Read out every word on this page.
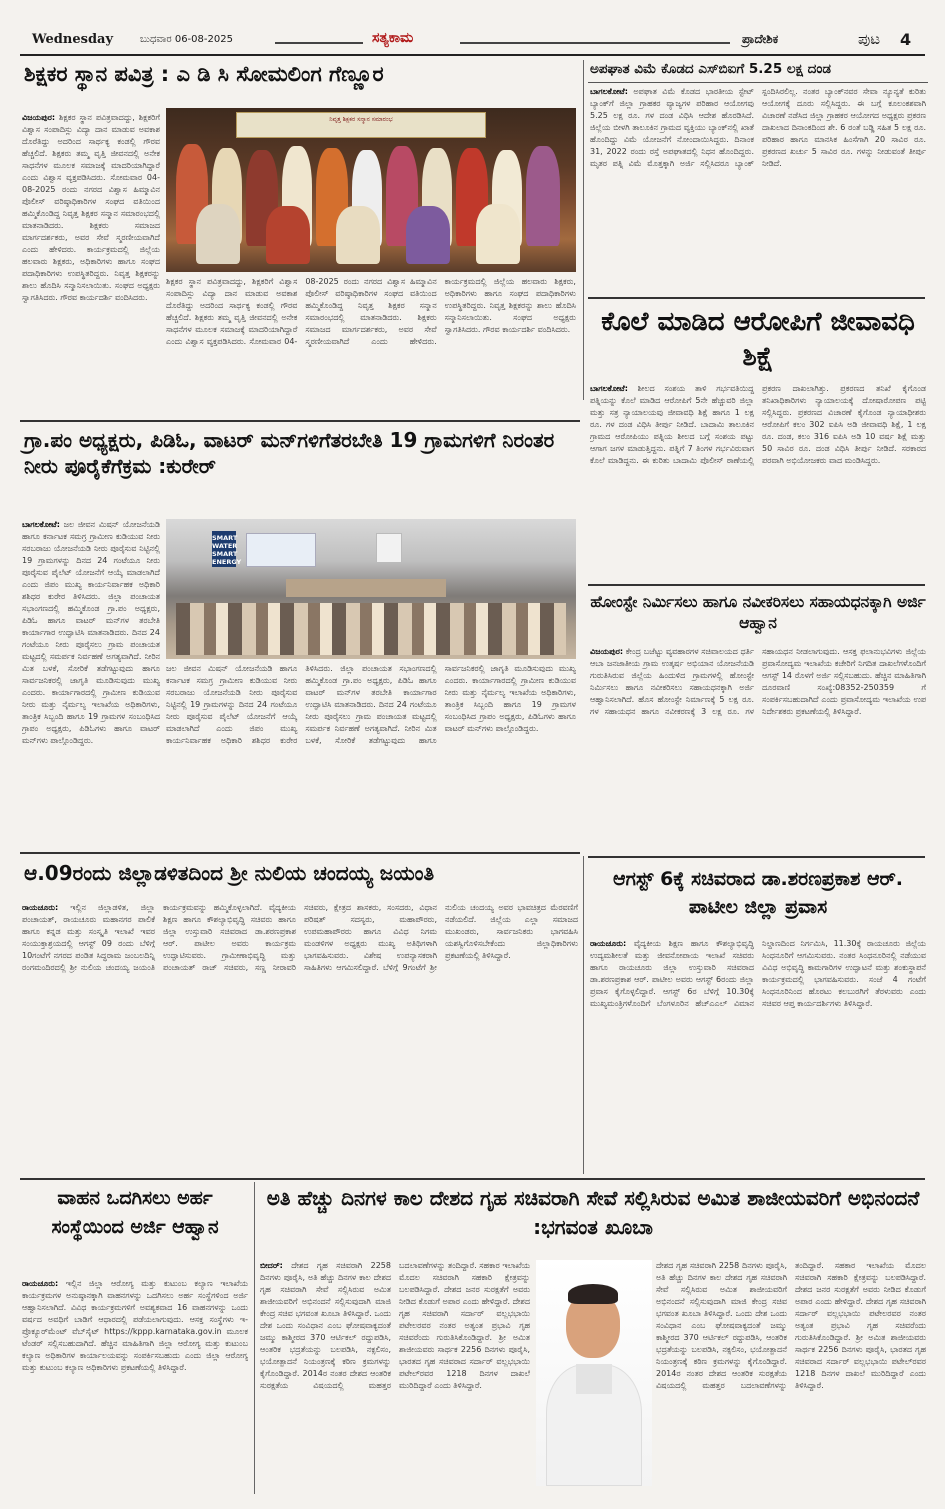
Wednesday	ಬುಧವಾರ 06-08-2025	ಸತ್ಯಕಾಮ	ಪ್ರಾದೇಶಿಕ	ಪುಟ 4
ಶಿಕ್ಷಕರ ಸ್ಥಾನ ಪವಿತ್ರ : ಎ ಡಿ ಸಿ ಸೋಮಲಿಂಗ ಗೆಣ್ಣೂರ
ನಿವೃತ್ತ ಶಿಕ್ಷಕರ ಸನ್ಮಾನ ಸಮಾರಂಭ
ವಿಜಯಪುರ: ಶಿಕ್ಷಕರ ಸ್ಥಾನ ಪವಿತ್ರವಾದದ್ದು, ಶಿಕ್ಷಕರಿಗೆ ವಿಶ್ವಾಸ ಸಂಪಾದಿಸ್ಲು ವಿದ್ಯಾ ದಾನ ಮಾಡುವ ಅವಕಾಶ ದೊರೆತಿದ್ದು ಅದರಿಂದ ಸಾರ್ಥಕ್ಯ ಕಂಡಲ್ಲಿ ಗೌರವ ಹೆಚ್ಚಲಿದೆ. ಶಿಕ್ಷಕರು ತಮ್ಮ ವೃತ್ತಿ ಜೀವನದಲ್ಲಿ ಅನೇಕ ಸಾಧನೆಗಳ ಮೂಲಕ ಸಮಾಜಕ್ಕೆ ಮಾದರಿಯಾಗಿದ್ದಾರೆ ಎಂದು ವಿಶ್ವಾಸ ವ್ಯಕ್ತಪಡಿಸಿದರು. ಸೋಮವಾರ 04-08-2025 ರಂದು ನಗರದ ವಿಶ್ವಾಸ ಹಿಮ್ಮಾವಿನ ಪೊಲೀಸ್ ವರಿಷ್ಠಾಧಿಕಾರಿಗಳ ಸಂಘದ ವತಿಯಿಂದ ಹಮ್ಮಿಕೊಂಡಿದ್ದ ನಿವೃತ್ತ ಶಿಕ್ಷಕರ ಸನ್ಮಾನ ಸಮಾರಂಭದಲ್ಲಿ ಮಾತನಾಡಿದರು. ಶಿಕ್ಷಕರು ಸಮಾಜದ ಮಾರ್ಗದರ್ಶಕರು, ಅವರ ಸೇವೆ ಸ್ಮರಣೀಯವಾಗಿದೆ ಎಂದು ಹೇಳಿದರು. ಕಾರ್ಯಕ್ರಮದಲ್ಲಿ ಜಿಲ್ಲೆಯ ಹಲವಾರು ಶಿಕ್ಷಕರು, ಅಧಿಕಾರಿಗಳು ಹಾಗೂ ಸಂಘದ ಪದಾಧಿಕಾರಿಗಳು ಉಪಸ್ಥಿತರಿದ್ದರು. ನಿವೃತ್ತ ಶಿಕ್ಷಕರನ್ನು ಶಾಲು ಹೊದಿಸಿ ಸನ್ಮಾನಿಸಲಾಯಿತು. ಸಂಘದ ಅಧ್ಯಕ್ಷರು ಸ್ವಾಗತಿಸಿದರು. ಗೌರವ ಕಾರ್ಯದರ್ಶಿ ವಂದಿಸಿದರು.
ಶಿಕ್ಷಕರ ಸ್ಥಾನ ಪವಿತ್ರವಾದದ್ದು, ಶಿಕ್ಷಕರಿಗೆ ವಿಶ್ವಾಸ ಸಂಪಾದಿಸ್ಲು ವಿದ್ಯಾ ದಾನ ಮಾಡುವ ಅವಕಾಶ ದೊರೆತಿದ್ದು ಅದರಿಂದ ಸಾರ್ಥಕ್ಯ ಕಂಡಲ್ಲಿ ಗೌರವ ಹೆಚ್ಚಲಿದೆ. ಶಿಕ್ಷಕರು ತಮ್ಮ ವೃತ್ತಿ ಜೀವನದಲ್ಲಿ ಅನೇಕ ಸಾಧನೆಗಳ ಮೂಲಕ ಸಮಾಜಕ್ಕೆ ಮಾದರಿಯಾಗಿದ್ದಾರೆ ಎಂದು ವಿಶ್ವಾಸ ವ್ಯಕ್ತಪಡಿಸಿದರು. ಸೋಮವಾರ 04-08-2025 ರಂದು ನಗರದ ವಿಶ್ವಾಸ ಹಿಮ್ಮಾವಿನ ಪೊಲೀಸ್ ವರಿಷ್ಠಾಧಿಕಾರಿಗಳ ಸಂಘದ ವತಿಯಿಂದ ಹಮ್ಮಿಕೊಂಡಿದ್ದ ನಿವೃತ್ತ ಶಿಕ್ಷಕರ ಸನ್ಮಾನ ಸಮಾರಂಭದಲ್ಲಿ ಮಾತನಾಡಿದರು. ಶಿಕ್ಷಕರು ಸಮಾಜದ ಮಾರ್ಗದರ್ಶಕರು, ಅವರ ಸೇವೆ ಸ್ಮರಣೀಯವಾಗಿದೆ ಎಂದು ಹೇಳಿದರು. ಕಾರ್ಯಕ್ರಮದಲ್ಲಿ ಜಿಲ್ಲೆಯ ಹಲವಾರು ಶಿಕ್ಷಕರು, ಅಧಿಕಾರಿಗಳು ಹಾಗೂ ಸಂಘದ ಪದಾಧಿಕಾರಿಗಳು ಉಪಸ್ಥಿತರಿದ್ದರು. ನಿವೃತ್ತ ಶಿಕ್ಷಕರನ್ನು ಶಾಲು ಹೊದಿಸಿ ಸನ್ಮಾನಿಸಲಾಯಿತು. ಸಂಘದ ಅಧ್ಯಕ್ಷರು ಸ್ವಾಗತಿಸಿದರು. ಗೌರವ ಕಾರ್ಯದರ್ಶಿ ವಂದಿಸಿದರು.
ಅಪಘಾತ ವಿಮೆ ಕೊಡದ ಎಸ್‌ಬಿಐಗೆ 5.25 ಲಕ್ಷ ದಂಡ
ಬಾಗಲಕೋಟೆ: ಅಪಘಾತ ವಿಮೆ ಕೊಡದ ಭಾರತೀಯ ಸ್ಟೇಟ್ ಬ್ಯಾಂಕ್‌ಗೆ ಜಿಲ್ಲಾ ಗ್ರಾಹಕರ ವ್ಯಾಜ್ಯಗಳ ಪರಿಹಾರ ಆಯೋಗವು 5.25 ಲಕ್ಷ ರೂ. ಗಳ ದಂಡ ವಿಧಿಸಿ ಆದೇಶ ಹೊರಡಿಸಿದೆ. ಜಿಲ್ಲೆಯ ಬೀಳಗಿ ತಾಲೂಕಿನ ಗ್ರಾಮದ ವ್ಯಕ್ತಿಯು ಬ್ಯಾಂಕ್‌ನಲ್ಲಿ ಖಾತೆ ಹೊಂದಿದ್ದು ವಿಮೆ ಯೋಜನೆಗೆ ನೋಂದಾಯಿಸಿದ್ದರು. ದಿನಾಂಕ 31, 2022 ರಂದು ರಸ್ತೆ ಅಪಘಾತದಲ್ಲಿ ನಿಧನ ಹೊಂದಿದ್ದರು. ಮೃತರ ಪತ್ನಿ ವಿಮೆ ಮೊತ್ತಕ್ಕಾಗಿ ಅರ್ಜಿ ಸಲ್ಲಿಸಿದರೂ ಬ್ಯಾಂಕ್ ಸ್ಪಂದಿಸಿರಲಿಲ್ಲ. ನಂತರ ಬ್ಯಾಂಕ್‌ನವರ ಸೇವಾ ನ್ಯೂನ್ಯತೆ ಕುರಿತು ಆಯೋಗಕ್ಕೆ ದೂರು ಸಲ್ಲಿಸಿದ್ದರು. ಈ ಬಗ್ಗೆ ಕೂಲಂಕಶವಾಗಿ ವಿಚಾರಣೆ ನಡೆಸಿದ ಜಿಲ್ಲಾ ಗ್ರಾಹಕರ ಆಯೋಗದ ಅಧ್ಯಕ್ಷರು ಪ್ರಕರಣ ದಾಖಲಾದ ದಿನಾಂಕದಿಂದ ಶೇ. 6 ರಂತೆ ಬಡ್ಡಿ ಸಹಿತ 5 ಲಕ್ಷ ರೂ. ಪರಿಹಾರ ಹಾಗೂ ಮಾನಸಿಕ ಹಿಂಸೆಗಾಗಿ 20 ಸಾವಿರ ರೂ. ಪ್ರಕರಣದ ಖರ್ಚು 5 ಸಾವಿರ ರೂ. ಗಳನ್ನು ನೀಡುವಂತೆ ತೀರ್ಪು ನೀಡಿದೆ.
ಕೊಲೆ ಮಾಡಿದ ಆರೋಪಿಗೆ ಜೀವಾವಧಿ ಶಿಕ್ಷೆ
ಬಾಗಲಕೋಟೆ: ಶೀಲದ ಸಂಶಯ ತಾಳಿ ಗರ್ಭವತಿಯಿದ್ದ ಪತ್ನಿಯನ್ನು ಕೊಲೆ ಮಾಡಿದ ಆರೋಪಿಗೆ 5ನೇ ಹೆಚ್ಚುವರಿ ಜಿಲ್ಲಾ ಮತ್ತು ಸತ್ರ ನ್ಯಾಯಾಲಯವು ಜೀವಾವಧಿ ಶಿಕ್ಷೆ ಹಾಗೂ 1 ಲಕ್ಷ ರೂ. ಗಳ ದಂಡ ವಿಧಿಸಿ ತೀರ್ಪು ನೀಡಿದೆ. ಬಾದಾಮಿ ತಾಲೂಕಿನ ಗ್ರಾಮದ ಆರೋಪಿಯು ಪತ್ನಿಯ ಶೀಲದ ಬಗ್ಗೆ ಸಂಶಯ ಪಟ್ಟು ಆಗಾಗ ಜಗಳ ಮಾಡುತ್ತಿದ್ದನು. ಪತ್ನಿಗೆ 7 ತಿಂಗಳ ಗರ್ಭವಿರುವಾಗ ಕೊಲೆ ಮಾಡಿದ್ದನು. ಈ ಕುರಿತು ಬಾದಾಮಿ ಪೊಲೀಸ್ ಠಾಣೆಯಲ್ಲಿ ಪ್ರಕರಣ ದಾಖಲಾಗಿತ್ತು. ಪ್ರಕರಣದ ತನಿಖೆ ಕೈಗೊಂಡ ತನಿಖಾಧಿಕಾರಿಗಳು ನ್ಯಾಯಾಲಯಕ್ಕೆ ದೋಷಾರೋಪಣ ಪಟ್ಟಿ ಸಲ್ಲಿಸಿದ್ದರು. ಪ್ರಕರಣದ ವಿಚಾರಣೆ ಕೈಗೊಂಡ ನ್ಯಾಯಾಧೀಶರು ಆರೋಪಿಗೆ ಕಲಂ 302 ಐಪಿಸಿ ಅಡಿ ಜೀವಾವಧಿ ಶಿಕ್ಷೆ, 1 ಲಕ್ಷ ರೂ. ದಂಡ, ಕಲಂ 316 ಐಪಿಸಿ ಅಡಿ 10 ವರ್ಷ ಶಿಕ್ಷೆ ಮತ್ತು 50 ಸಾವಿರ ರೂ. ದಂಡ ವಿಧಿಸಿ ತೀರ್ಪು ನೀಡಿದೆ. ಸರಕಾರದ ಪರವಾಗಿ ಅಭಿಯೋಜಕರು ವಾದ ಮಂಡಿಸಿದ್ದರು.
ಗ್ರಾ.ಪಂ ಅಧ್ಯಕ್ಷರು, ಪಿಡಿಓ, ವಾಟರ್ ಮನ್‌ಗಳಿಗೆತರಬೇತಿ 19 ಗ್ರಾಮಗಳಿಗೆ ನಿರಂತರ ನೀರು ಪೂರೈಕೆಗೆಕ್ರಮ :ಕುರೇರ್
SMART WATER SMART ENERGY
ಬಾಗಲಕೋಟೆ: ಜಲ ಜೀವನ ಮಿಷನ್ ಯೋಜನೆಯಡಿ ಹಾಗೂ ಕರ್ನಾಟಕ ಸಮಗ್ರ ಗ್ರಾಮೀಣ ಕುಡಿಯುವ ನೀರು ಸರಬರಾಜು ಯೋಜನೆಯಡಿ ನೀರು ಪೂರೈಸುವ ನಿಟ್ಟಿನಲ್ಲಿ 19 ಗ್ರಾಮಗಳನ್ನು ದಿನದ 24 ಗಂಟೆಯೂ ನೀರು ಪೂರೈಸುವ ಪೈಲೆಟ್ ಯೋಜನೆಗೆ ಆಯ್ಕೆ ಮಾಡಲಾಗಿದೆ ಎಂದು ಜಿಪಂ ಮುಖ್ಯ ಕಾರ್ಯನಿರ್ವಾಹಕ ಅಧಿಕಾರಿ ಶಶಿಧರ ಕುರೇರ ತಿಳಿಸಿದರು. ಜಿಲ್ಲಾ ಪಂಚಾಯತ ಸಭಾಂಗಣದಲ್ಲಿ ಹಮ್ಮಿಕೊಂಡ ಗ್ರಾ.ಪಂ ಅಧ್ಯಕ್ಷರು, ಪಿಡಿಓ ಹಾಗೂ ವಾಟರ್ ಮನ್‌ಗಳ ತರಬೇತಿ ಕಾರ್ಯಾಗಾರ ಉದ್ಘಾಟಿಸಿ ಮಾತನಾಡಿದರು. ದಿನದ 24 ಗಂಟೆಯೂ ನೀರು ಪೂರೈಸಲು ಗ್ರಾಮ ಪಂಚಾಯತ ಮಟ್ಟದಲ್ಲಿ ಸಮರ್ಪಕ ನಿರ್ವಹಣೆ ಅಗತ್ಯವಾಗಿದೆ. ನೀರಿನ ಮಿತ ಬಳಕೆ, ಸೋರಿಕೆ ತಡೆಗಟ್ಟುವುದು ಹಾಗೂ ಸಾರ್ವಜನಿಕರಲ್ಲಿ ಜಾಗೃತಿ ಮೂಡಿಸುವುದು ಮುಖ್ಯ ಎಂದರು. ಕಾರ್ಯಾಗಾರದಲ್ಲಿ ಗ್ರಾಮೀಣ ಕುಡಿಯುವ ನೀರು ಮತ್ತು ನೈರ್ಮಲ್ಯ ಇಲಾಖೆಯ ಅಧಿಕಾರಿಗಳು, ತಾಂತ್ರಿಕ ಸಿಬ್ಬಂದಿ ಹಾಗೂ 19 ಗ್ರಾಮಗಳ ಸಂಬಂಧಿಸಿದ ಗ್ರಾಪಂ ಅಧ್ಯಕ್ಷರು, ಪಿಡಿಓಗಳು ಹಾಗೂ ವಾಟರ್ ಮನ್‌ಗಳು ಪಾಲ್ಗೊಂಡಿದ್ದರು.
ಜಲ ಜೀವನ ಮಿಷನ್ ಯೋಜನೆಯಡಿ ಹಾಗೂ ಕರ್ನಾಟಕ ಸಮಗ್ರ ಗ್ರಾಮೀಣ ಕುಡಿಯುವ ನೀರು ಸರಬರಾಜು ಯೋಜನೆಯಡಿ ನೀರು ಪೂರೈಸುವ ನಿಟ್ಟಿನಲ್ಲಿ 19 ಗ್ರಾಮಗಳನ್ನು ದಿನದ 24 ಗಂಟೆಯೂ ನೀರು ಪೂರೈಸುವ ಪೈಲೆಟ್ ಯೋಜನೆಗೆ ಆಯ್ಕೆ ಮಾಡಲಾಗಿದೆ ಎಂದು ಜಿಪಂ ಮುಖ್ಯ ಕಾರ್ಯನಿರ್ವಾಹಕ ಅಧಿಕಾರಿ ಶಶಿಧರ ಕುರೇರ ತಿಳಿಸಿದರು. ಜಿಲ್ಲಾ ಪಂಚಾಯತ ಸಭಾಂಗಣದಲ್ಲಿ ಹಮ್ಮಿಕೊಂಡ ಗ್ರಾ.ಪಂ ಅಧ್ಯಕ್ಷರು, ಪಿಡಿಓ ಹಾಗೂ ವಾಟರ್ ಮನ್‌ಗಳ ತರಬೇತಿ ಕಾರ್ಯಾಗಾರ ಉದ್ಘಾಟಿಸಿ ಮಾತನಾಡಿದರು. ದಿನದ 24 ಗಂಟೆಯೂ ನೀರು ಪೂರೈಸಲು ಗ್ರಾಮ ಪಂಚಾಯತ ಮಟ್ಟದಲ್ಲಿ ಸಮರ್ಪಕ ನಿರ್ವಹಣೆ ಅಗತ್ಯವಾಗಿದೆ. ನೀರಿನ ಮಿತ ಬಳಕೆ, ಸೋರಿಕೆ ತಡೆಗಟ್ಟುವುದು ಹಾಗೂ ಸಾರ್ವಜನಿಕರಲ್ಲಿ ಜಾಗೃತಿ ಮೂಡಿಸುವುದು ಮುಖ್ಯ ಎಂದರು. ಕಾರ್ಯಾಗಾರದಲ್ಲಿ ಗ್ರಾಮೀಣ ಕುಡಿಯುವ ನೀರು ಮತ್ತು ನೈರ್ಮಲ್ಯ ಇಲಾಖೆಯ ಅಧಿಕಾರಿಗಳು, ತಾಂತ್ರಿಕ ಸಿಬ್ಬಂದಿ ಹಾಗೂ 19 ಗ್ರಾಮಗಳ ಸಂಬಂಧಿಸಿದ ಗ್ರಾಪಂ ಅಧ್ಯಕ್ಷರು, ಪಿಡಿಓಗಳು ಹಾಗೂ ವಾಟರ್ ಮನ್‌ಗಳು ಪಾಲ್ಗೊಂಡಿದ್ದರು.
ಹೋಂಸ್ಟೇ ನಿರ್ಮಿಸಲು ಹಾಗೂ ನವೀಕರಿಸಲು ಸಹಾಯಧನಕ್ಕಾಗಿ ಅರ್ಜಿ ಆಹ್ವಾನ
ವಿಜಯಪುರ: ಕೇಂದ್ರ ಬಜೆಟ್ಟು ವ್ಯವಹಾರಗಳ ಸಚಿವಾಲಯದ ಧರ್ತಿ ಆಬಾ ಜನಜಾತೀಯ ಗ್ರಾಮ ಉತ್ಕರ್ಷ ಅಭಿಯಾನ ಯೋಜನೆಯಡಿ ಗುರುತಿಸಿರುವ ಜಿಲ್ಲೆಯ ಹಿಂದುಳಿದ ಗ್ರಾಮಗಳಲ್ಲಿ ಹೋಂಸ್ಟೇ ನಿರ್ಮಿಸಲು ಹಾಗೂ ನವೀಕರಿಸಲು ಸಹಾಯಧನಕ್ಕಾಗಿ ಅರ್ಜಿ ಆಹ್ವಾನಿಸಲಾಗಿದೆ. ಹೊಸ ಹೋಂಸ್ಟೇ ನಿರ್ಮಾಣಕ್ಕೆ 5 ಲಕ್ಷ ರೂ. ಗಳ ಸಹಾಯಧನ ಹಾಗೂ ನವೀಕರಣಕ್ಕೆ 3 ಲಕ್ಷ ರೂ. ಗಳ ಸಹಾಯಧನ ನೀಡಲಾಗುವುದು. ಆಸಕ್ತ ಫಲಾನುಭವಿಗಳು ಜಿಲ್ಲೆಯ ಪ್ರವಾಸೋದ್ಯಮ ಇಲಾಖೆಯ ಕಚೇರಿಗೆ ನಿಗದಿತ ದಾಖಲೆಗಳೊಂದಿಗೆ ಆಗಸ್ಟ್ 14 ರೊಳಗೆ ಅರ್ಜಿ ಸಲ್ಲಿಸಬಹುದು. ಹೆಚ್ಚಿನ ಮಾಹಿತಿಗಾಗಿ ದೂರವಾಣಿ ಸಂಖ್ಯೆ:08352-250359 ಗೆ ಸಂಪರ್ಕಿಸಬಹುದಾಗಿದೆ ಎಂದು ಪ್ರವಾಸೋದ್ಯಮ ಇಲಾಖೆಯ ಉಪ ನಿರ್ದೇಶಕರು ಪ್ರಕಟಣೆಯಲ್ಲಿ ತಿಳಿಸಿದ್ದಾರೆ.
ಆ.09ರಂದು ಜಿಲ್ಲಾಡಳಿತದಿಂದ ಶ್ರೀ ನುಲಿಯ ಚಂದಯ್ಯ ಜಯಂತಿ
ರಾಯಚೂರು: ಇಲ್ಲಿನ ಜಿಲ್ಲಾಡಳಿತ, ಜಿಲ್ಲಾ ಪಂಚಾಯತ್, ರಾಯಚೂರು ಮಹಾನಗರ ಪಾಲಿಕೆ ಹಾಗೂ ಕನ್ನಡ ಮತ್ತು ಸಂಸ್ಕೃತಿ ಇಲಾಖೆ ಇವರ ಸಂಯುಕ್ತಾಶ್ರಯದಲ್ಲಿ ಆಗಸ್ಟ್ 09 ರಂದು ಬೆಳಿಗ್ಗೆ 10ಗಂಟೆಗೆ ನಗರದ ಪಂಡಿತ ಸಿದ್ಧರಾಮ ಜಂಬಲದಿನ್ನಿ ರಂಗಮಂದಿರದಲ್ಲಿ ಶ್ರೀ ನುಲಿಯ ಚಂದಯ್ಯ ಜಯಂತಿ ಕಾರ್ಯಕ್ರಮವನ್ನು ಹಮ್ಮಿಕೊಳ್ಳಲಾಗಿದೆ. ವೈದ್ಯಕೀಯ ಶಿಕ್ಷಣ ಹಾಗೂ ಕೌಶಲ್ಯಾಭಿವೃದ್ಧಿ ಸಚಿವರು ಹಾಗೂ ಜಿಲ್ಲಾ ಉಸ್ತುವಾರಿ ಸಚಿವರಾದ ಡಾ.ಶರಣಪ್ರಕಾಶ ಆರ್. ಪಾಟೀಲ ಅವರು ಕಾರ್ಯಕ್ರಮ ಉದ್ಘಾಟಿಸುವರು. ಗ್ರಾಮೀಣಾಭಿವೃದ್ಧಿ ಮತ್ತು ಪಂಚಾಯತ್ ರಾಜ್ ಸಚಿವರು, ಸಣ್ಣ ನೀರಾವರಿ ಸಚಿವರು, ಕ್ಷೇತ್ರದ ಶಾಸಕರು, ಸಂಸದರು, ವಿಧಾನ ಪರಿಷತ್ ಸದಸ್ಯರು, ಮಹಾಪೌರರು, ಉಪಮಹಾಪೌರರು ಹಾಗೂ ವಿವಿಧ ನಿಗಮ ಮಂಡಳಿಗಳ ಅಧ್ಯಕ್ಷರು ಮುಖ್ಯ ಅತಿಥಿಗಳಾಗಿ ಭಾಗವಹಿಸುವರು. ವಿಶೇಷ ಉಪನ್ಯಾಸಕರಾಗಿ ಸಾಹಿತಿಗಳು ಆಗಮಿಸಲಿದ್ದಾರೆ. ಬೆಳಿಗ್ಗೆ 9ಗಂಟೆಗೆ ಶ್ರೀ ನುಲಿಯ ಚಂದಯ್ಯ ಅವರ ಭಾವಚಿತ್ರದ ಮೆರವಣಿಗೆ ನಡೆಯಲಿದೆ. ಜಿಲ್ಲೆಯ ಎಲ್ಲಾ ಸಮಾಜದ ಮುಖಂಡರು, ಸಾರ್ವಜನಿಕರು ಭಾಗವಹಿಸಿ ಯಶಸ್ವಿಗೊಳಿಸಬೇಕೆಂದು ಜಿಲ್ಲಾಧಿಕಾರಿಗಳು ಪ್ರಕಟಣೆಯಲ್ಲಿ ತಿಳಿಸಿದ್ದಾರೆ.
ಆಗಸ್ಟ್ 6ಕ್ಕೆ ಸಚಿವರಾದ ಡಾ.ಶರಣಪ್ರಕಾಶ ಆರ್. ಪಾಟೀಲ ಜಿಲ್ಲಾ ಪ್ರವಾಸ
ರಾಯಚೂರು: ವೈದ್ಯಕೀಯ ಶಿಕ್ಷಣ ಹಾಗೂ ಕೌಶಲ್ಯಾಭಿವೃದ್ಧಿ ಉದ್ಯಮಶೀಲತೆ ಮತ್ತು ಜೀವನೋಪಾಯ ಇಲಾಖೆ ಸಚಿವರು ಹಾಗೂ ರಾಯಚೂರು ಜಿಲ್ಲಾ ಉಸ್ತುವಾರಿ ಸಚಿವರಾದ ಡಾ.ಶರಣಪ್ರಕಾಶ ಆರ್. ಪಾಟೀಲ ಅವರು ಆಗಸ್ಟ್ 6ರಂದು ಜಿಲ್ಲಾ ಪ್ರವಾಸ ಕೈಗೊಳ್ಳಲಿದ್ದಾರೆ. ಆಗಸ್ಟ್ 6ರ ಬೆಳಿಗ್ಗೆ 10.30ಕ್ಕೆ ಮುಖ್ಯಮಂತ್ರಿಗಳೊಂದಿಗೆ ಬೆಂಗಳೂರಿನ ಹೆಚ್‌ಎಎಲ್ ವಿಮಾನ ನಿಲ್ದಾಣದಿಂದ ನಿರ್ಗಮಿಸಿ, 11.30ಕ್ಕೆ ರಾಯಚೂರು ಜಿಲ್ಲೆಯ ಸಿಂಧನೂರಿಗೆ ಆಗಮಿಸುವರು. ನಂತರ ಸಿಂಧನೂರಿನಲ್ಲಿ ನಡೆಯುವ ವಿವಿಧ ಅಭಿವೃದ್ಧಿ ಕಾಮಗಾರಿಗಳ ಉದ್ಘಾಟನೆ ಮತ್ತು ಶಂಕುಸ್ಥಾಪನೆ ಕಾರ್ಯಕ್ರಮದಲ್ಲಿ ಭಾಗವಹಿಸುವರು. ಸಂಜೆ 4 ಗಂಟೆಗೆ ಸಿಂಧನೂರಿನಿಂದ ಹೊರಟು ಕಲಬುರಗಿಗೆ ತೆರಳುವರು ಎಂದು ಸಚಿವರ ಆಪ್ತ ಕಾರ್ಯದರ್ಶಿಗಳು ತಿಳಿಸಿದ್ದಾರೆ.
ವಾಹನ ಒದಗಿಸಲು ಅರ್ಹ ಸಂಸ್ಥೆಯಿಂದ ಅರ್ಜಿ ಆಹ್ವಾನ
ರಾಯಚೂರು: ಇಲ್ಲಿನ ಜಿಲ್ಲಾ ಆರೋಗ್ಯ ಮತ್ತು ಕುಟುಂಬ ಕಲ್ಯಾಣ ಇಲಾಖೆಯ ಕಾರ್ಯಕ್ರಮಗಳ ಅನುಷ್ಠಾನಕ್ಕಾಗಿ ವಾಹನಗಳನ್ನು ಒದಗಿಸಲು ಅರ್ಹ ಸಂಸ್ಥೆಗಳಿಂದ ಅರ್ಜಿ ಆಹ್ವಾನಿಸಲಾಗಿದೆ. ವಿವಿಧ ಕಾರ್ಯಕ್ರಮಗಳಿಗೆ ಅವಶ್ಯಕವಾದ 16 ವಾಹನಗಳನ್ನು ಒಂದು ವರ್ಷದ ಅವಧಿಗೆ ಬಾಡಿಗೆ ಆಧಾರದಲ್ಲಿ ಪಡೆಯಲಾಗುವುದು. ಆಸಕ್ತ ಸಂಸ್ಥೆಗಳು ಇ-ಪ್ರೊಕ್ಯೂರ್‌ಮೆಂಟ್ ವೆಬ್‌ಸೈಟ್ https://kppp.karnataka.gov.in ಮೂಲಕ ಟೆಂಡರ್ ಸಲ್ಲಿಸಬಹುದಾಗಿದೆ. ಹೆಚ್ಚಿನ ಮಾಹಿತಿಗಾಗಿ ಜಿಲ್ಲಾ ಆರೋಗ್ಯ ಮತ್ತು ಕುಟುಂಬ ಕಲ್ಯಾಣ ಅಧಿಕಾರಿಗಳ ಕಾರ್ಯಾಲಯವನ್ನು ಸಂಪರ್ಕಿಸಬಹುದು ಎಂದು ಜಿಲ್ಲಾ ಆರೋಗ್ಯ ಮತ್ತು ಕುಟುಂಬ ಕಲ್ಯಾಣ ಅಧಿಕಾರಿಗಳು ಪ್ರಕಟಣೆಯಲ್ಲಿ ತಿಳಿಸಿದ್ದಾರೆ.
ಅತಿ ಹೆಚ್ಚು ದಿನಗಳ ಕಾಲ ದೇಶದ ಗೃಹ ಸಚಿವರಾಗಿ ಸೇವೆ ಸಲ್ಲಿಸಿರುವ ಅಮಿತ ಶಾಜೀಯವರಿಗೆ ಅಭಿನಂದನೆ :ಭಗವಂತ ಖೂಬಾ
ಬೀದರ್: ದೇಶದ ಗೃಹ ಸಚಿವರಾಗಿ 2258 ದಿನಗಳು ಪೂರೈಸಿ, ಅತಿ ಹೆಚ್ಚು ದಿನಗಳ ಕಾಲ ದೇಶದ ಗೃಹ ಸಚಿವರಾಗಿ ಸೇವೆ ಸಲ್ಲಿಸಿರುವ ಅಮಿತ ಶಾಜೀಯವರಿಗೆ ಅಭಿನಂದನೆ ಸಲ್ಲಿಸುವುದಾಗಿ ಮಾಜಿ ಕೇಂದ್ರ ಸಚಿವ ಭಗವಂತ ಖೂಬಾ ತಿಳಿಸಿದ್ದಾರೆ. ಒಂದು ದೇಶ ಒಂದು ಸಂವಿಧಾನ ಎಂಬ ಘೋಷವಾಕ್ಯದಂತೆ ಜಮ್ಮು ಕಾಶ್ಮೀರದ 370 ಆರ್ಟಿಕಲ್ ರದ್ದುಪಡಿಸಿ, ಆಂತರಿಕ ಭದ್ರತೆಯನ್ನು ಬಲಪಡಿಸಿ, ನಕ್ಸಲಿಸಂ, ಭಯೋತ್ಪಾದನೆ ನಿಯಂತ್ರಣಕ್ಕೆ ಕಠಿಣ ಕ್ರಮಗಳನ್ನು ಕೈಗೊಂಡಿದ್ದಾರೆ. 2014ರ ನಂತರ ದೇಶದ ಆಂತರಿಕ ಸುರಕ್ಷತೆಯ ವಿಷಯದಲ್ಲಿ ಮಹತ್ತರ ಬದಲಾವಣೆಗಳನ್ನು ತಂದಿದ್ದಾರೆ. ಸಹಕಾರ ಇಲಾಖೆಯ ಮೊದಲ ಸಚಿವರಾಗಿ ಸಹಕಾರಿ ಕ್ಷೇತ್ರವನ್ನು ಬಲಪಡಿಸಿದ್ದಾರೆ. ದೇಶದ ಜನರ ಸುರಕ್ಷತೆಗೆ ಅವರು ನೀಡಿದ ಕೊಡುಗೆ ಅಪಾರ ಎಂದು ಹೇಳಿದ್ದಾರೆ. ದೇಶದ ಗೃಹ ಸಚಿವರಾಗಿ ಸರ್ದಾರ್ ವಲ್ಲಭಭಾಯಿ ಪಟೇಲರವರ ನಂತರ ಅತ್ಯಂತ ಪ್ರಭಾವಿ ಗೃಹ ಸಚಿವರೆಂದು ಗುರುತಿಸಿಕೊಂಡಿದ್ದಾರೆ. ಶ್ರೀ ಅಮಿತ ಶಾಜೀಯವರು ಸಾರ್ಥಕ 2256 ದಿನಗಳು ಪೂರೈಸಿ, ಭಾರತದ ಗೃಹ ಸಚಿವರಾದ ಸರ್ದಾರ್ ವಲ್ಲಭಭಾಯಿ ಪಟೇಲ್‌ರವರ 1218 ದಿನಗಳ ದಾಖಲೆ ಮುರಿದಿದ್ದಾರೆ ಎಂದು ತಿಳಿಸಿದ್ದಾರೆ.
ದೇಶದ ಗೃಹ ಸಚಿವರಾಗಿ 2258 ದಿನಗಳು ಪೂರೈಸಿ, ಅತಿ ಹೆಚ್ಚು ದಿನಗಳ ಕಾಲ ದೇಶದ ಗೃಹ ಸಚಿವರಾಗಿ ಸೇವೆ ಸಲ್ಲಿಸಿರುವ ಅಮಿತ ಶಾಜೀಯವರಿಗೆ ಅಭಿನಂದನೆ ಸಲ್ಲಿಸುವುದಾಗಿ ಮಾಜಿ ಕೇಂದ್ರ ಸಚಿವ ಭಗವಂತ ಖೂಬಾ ತಿಳಿಸಿದ್ದಾರೆ. ಒಂದು ದೇಶ ಒಂದು ಸಂವಿಧಾನ ಎಂಬ ಘೋಷವಾಕ್ಯದಂತೆ ಜಮ್ಮು ಕಾಶ್ಮೀರದ 370 ಆರ್ಟಿಕಲ್ ರದ್ದುಪಡಿಸಿ, ಆಂತರಿಕ ಭದ್ರತೆಯನ್ನು ಬಲಪಡಿಸಿ, ನಕ್ಸಲಿಸಂ, ಭಯೋತ್ಪಾದನೆ ನಿಯಂತ್ರಣಕ್ಕೆ ಕಠಿಣ ಕ್ರಮಗಳನ್ನು ಕೈಗೊಂಡಿದ್ದಾರೆ. 2014ರ ನಂತರ ದೇಶದ ಆಂತರಿಕ ಸುರಕ್ಷತೆಯ ವಿಷಯದಲ್ಲಿ ಮಹತ್ತರ ಬದಲಾವಣೆಗಳನ್ನು ತಂದಿದ್ದಾರೆ. ಸಹಕಾರ ಇಲಾಖೆಯ ಮೊದಲ ಸಚಿವರಾಗಿ ಸಹಕಾರಿ ಕ್ಷೇತ್ರವನ್ನು ಬಲಪಡಿಸಿದ್ದಾರೆ. ದೇಶದ ಜನರ ಸುರಕ್ಷತೆಗೆ ಅವರು ನೀಡಿದ ಕೊಡುಗೆ ಅಪಾರ ಎಂದು ಹೇಳಿದ್ದಾರೆ. ದೇಶದ ಗೃಹ ಸಚಿವರಾಗಿ ಸರ್ದಾರ್ ವಲ್ಲಭಭಾಯಿ ಪಟೇಲರವರ ನಂತರ ಅತ್ಯಂತ ಪ್ರಭಾವಿ ಗೃಹ ಸಚಿವರೆಂದು ಗುರುತಿಸಿಕೊಂಡಿದ್ದಾರೆ. ಶ್ರೀ ಅಮಿತ ಶಾಜೀಯವರು ಸಾರ್ಥಕ 2256 ದಿನಗಳು ಪೂರೈಸಿ, ಭಾರತದ ಗೃಹ ಸಚಿವರಾದ ಸರ್ದಾರ್ ವಲ್ಲಭಭಾಯಿ ಪಟೇಲ್‌ರವರ 1218 ದಿನಗಳ ದಾಖಲೆ ಮುರಿದಿದ್ದಾರೆ ಎಂದು ತಿಳಿಸಿದ್ದಾರೆ.
